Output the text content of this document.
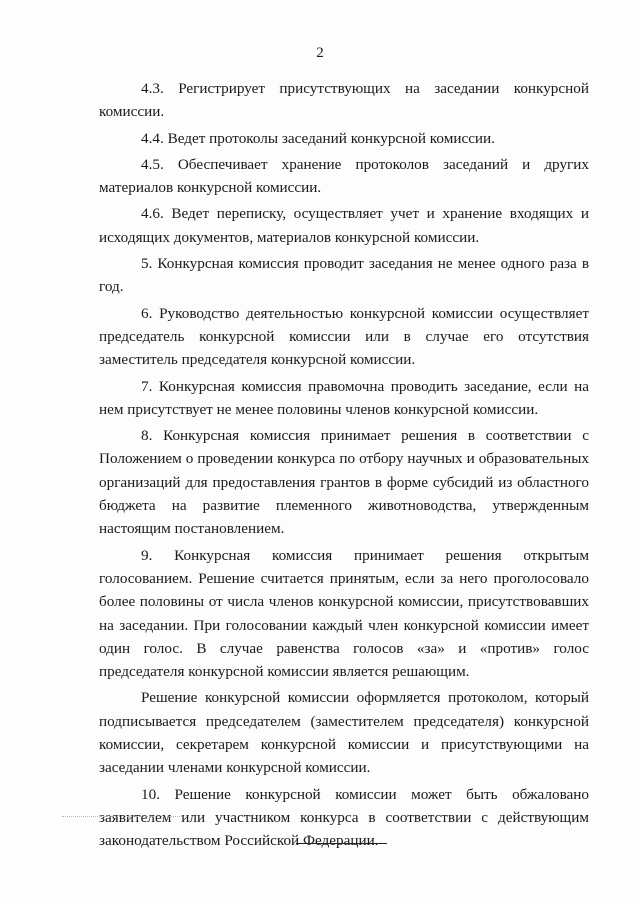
2

4.3. Регистрирует присутствующих на заседании конкурсной комиссии.

4.4. Ведет протоколы заседаний конкурсной комиссии.

4.5. Обеспечивает хранение протоколов заседаний и других материалов конкурсной комиссии.

4.6. Ведет переписку, осуществляет учет и хранение входящих и исходящих документов, материалов конкурсной комиссии.

5. Конкурсная комиссия проводит заседания не менее одного раза в год.

6. Руководство деятельностью конкурсной комиссии осуществляет председатель конкурсной комиссии или в случае его отсутствия заместитель председателя конкурсной комиссии.

7. Конкурсная комиссия правомочна проводить заседание, если на нем присутствует не менее половины членов конкурсной комиссии.

8. Конкурсная комиссия принимает решения в соответствии с Положением о проведении конкурса по отбору научных и образовательных организаций для предоставления грантов в форме субсидий из областного бюджета на развитие племенного животноводства, утвержденным настоящим постановлением.

9. Конкурсная комиссия принимает решения открытым голосованием. Решение считается принятым, если за него проголосовало более половины от числа членов конкурсной комиссии, присутствовавших на заседании. При голосовании каждый член конкурсной комиссии имеет один голос. В случае равенства голосов «за» и «против» голос председателя конкурсной комиссии является решающим.

Решение конкурсной комиссии оформляется протоколом, который подписывается председателем (заместителем председателя) конкурсной комиссии, секретарем конкурсной комиссии и присутствующими на заседании членами конкурсной комиссии.

10. Решение конкурсной комиссии может быть обжаловано заявителем или участником конкурса в соответствии с действующим законодательством Российской Федерации.
